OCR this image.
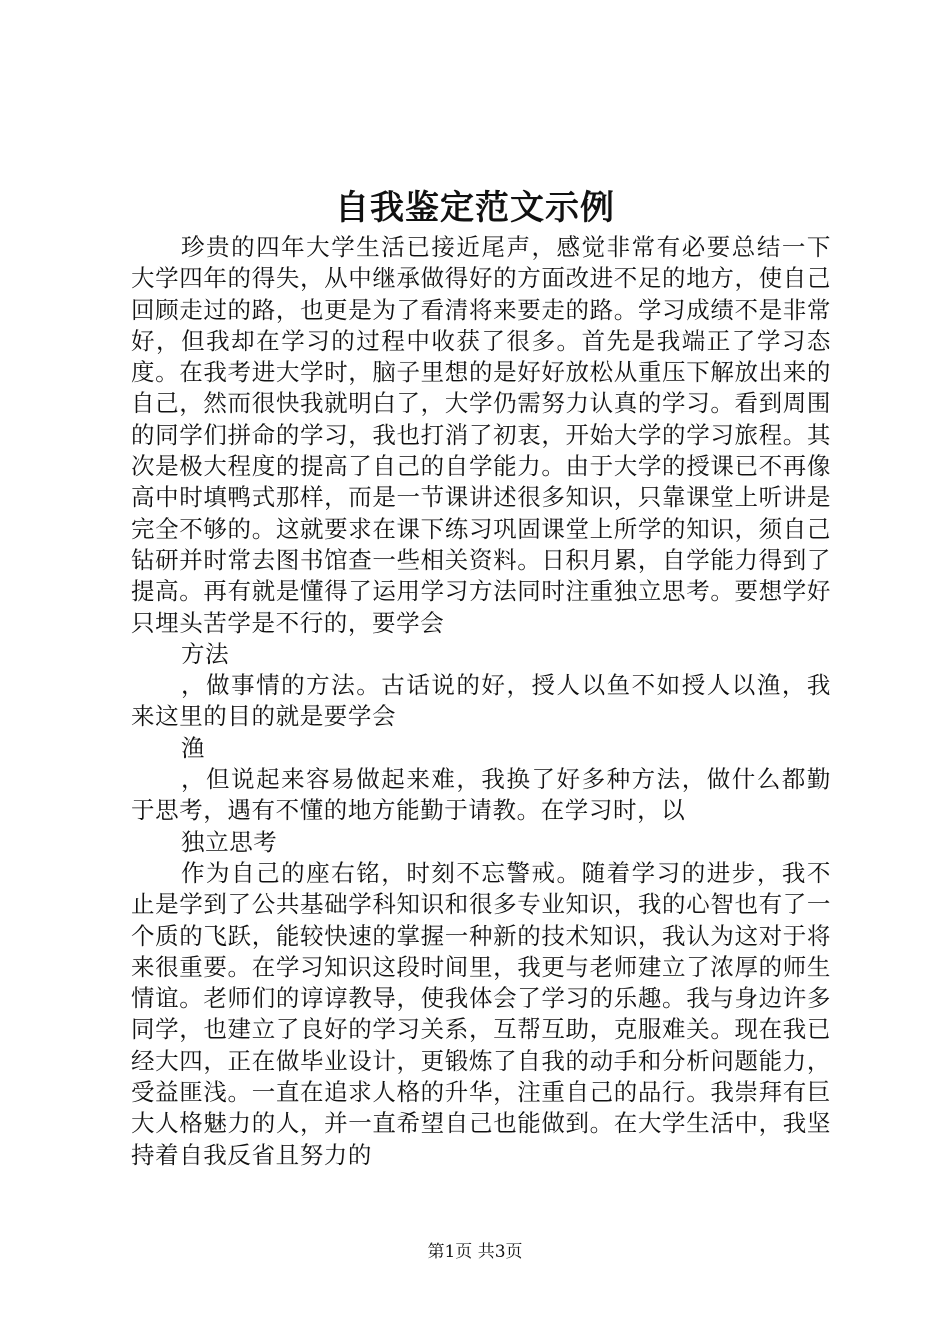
自我鉴定范文示例

珍贵的四年大学生活已接近尾声，感觉非常有必要总结一下大学四年的得失，从中继承做得好的方面改进不足的地方，使自己回顾走过的路，也更是为了看清将来要走的路。学习成绩不是非常好，但我却在学习的过程中收获了很多。首先是我端正了学习态度。在我考进大学时，脑子里想的是好好放松从重压下解放出来的自己，然而很快我就明白了，大学仍需努力认真的学习。看到周围的同学们拼命的学习，我也打消了初衷，开始大学的学习旅程。其次是极大程度的提高了自己的自学能力。由于大学的授课已不再像高中时填鸭式那样，而是一节课讲述很多知识，只靠课堂上听讲是完全不够的。这就要求在课下练习巩固课堂上所学的知识，须自己钻研并时常去图书馆查一些相关资料。日积月累，自学能力得到了提高。再有就是懂得了运用学习方法同时注重独立思考。要想学好只埋头苦学是不行的，要学会

方法

，做事情的方法。古话说的好，授人以鱼不如授人以渔，我来这里的目的就是要学会

渔

，但说起来容易做起来难，我换了好多种方法，做什么都勤于思考，遇有不懂的地方能勤于请教。在学习时，以

独立思考

作为自己的座右铭，时刻不忘警戒。随着学习的进步，我不止是学到了公共基础学科知识和很多专业知识，我的心智也有了一个质的飞跃，能较快速的掌握一种新的技术知识，我认为这对于将来很重要。在学习知识这段时间里，我更与老师建立了浓厚的师生情谊。老师们的谆谆教导，使我体会了学习的乐趣。我与身边许多同学，也建立了良好的学习关系，互帮互助，克服难关。现在我已经大四，正在做毕业设计，更锻炼了自我的动手和分析问题能力，受益匪浅。一直在追求人格的升华，注重自己的品行。我崇拜有巨大人格魅力的人，并一直希望自己也能做到。在大学生活中，我坚持着自我反省且努力的

第1页 共3页
